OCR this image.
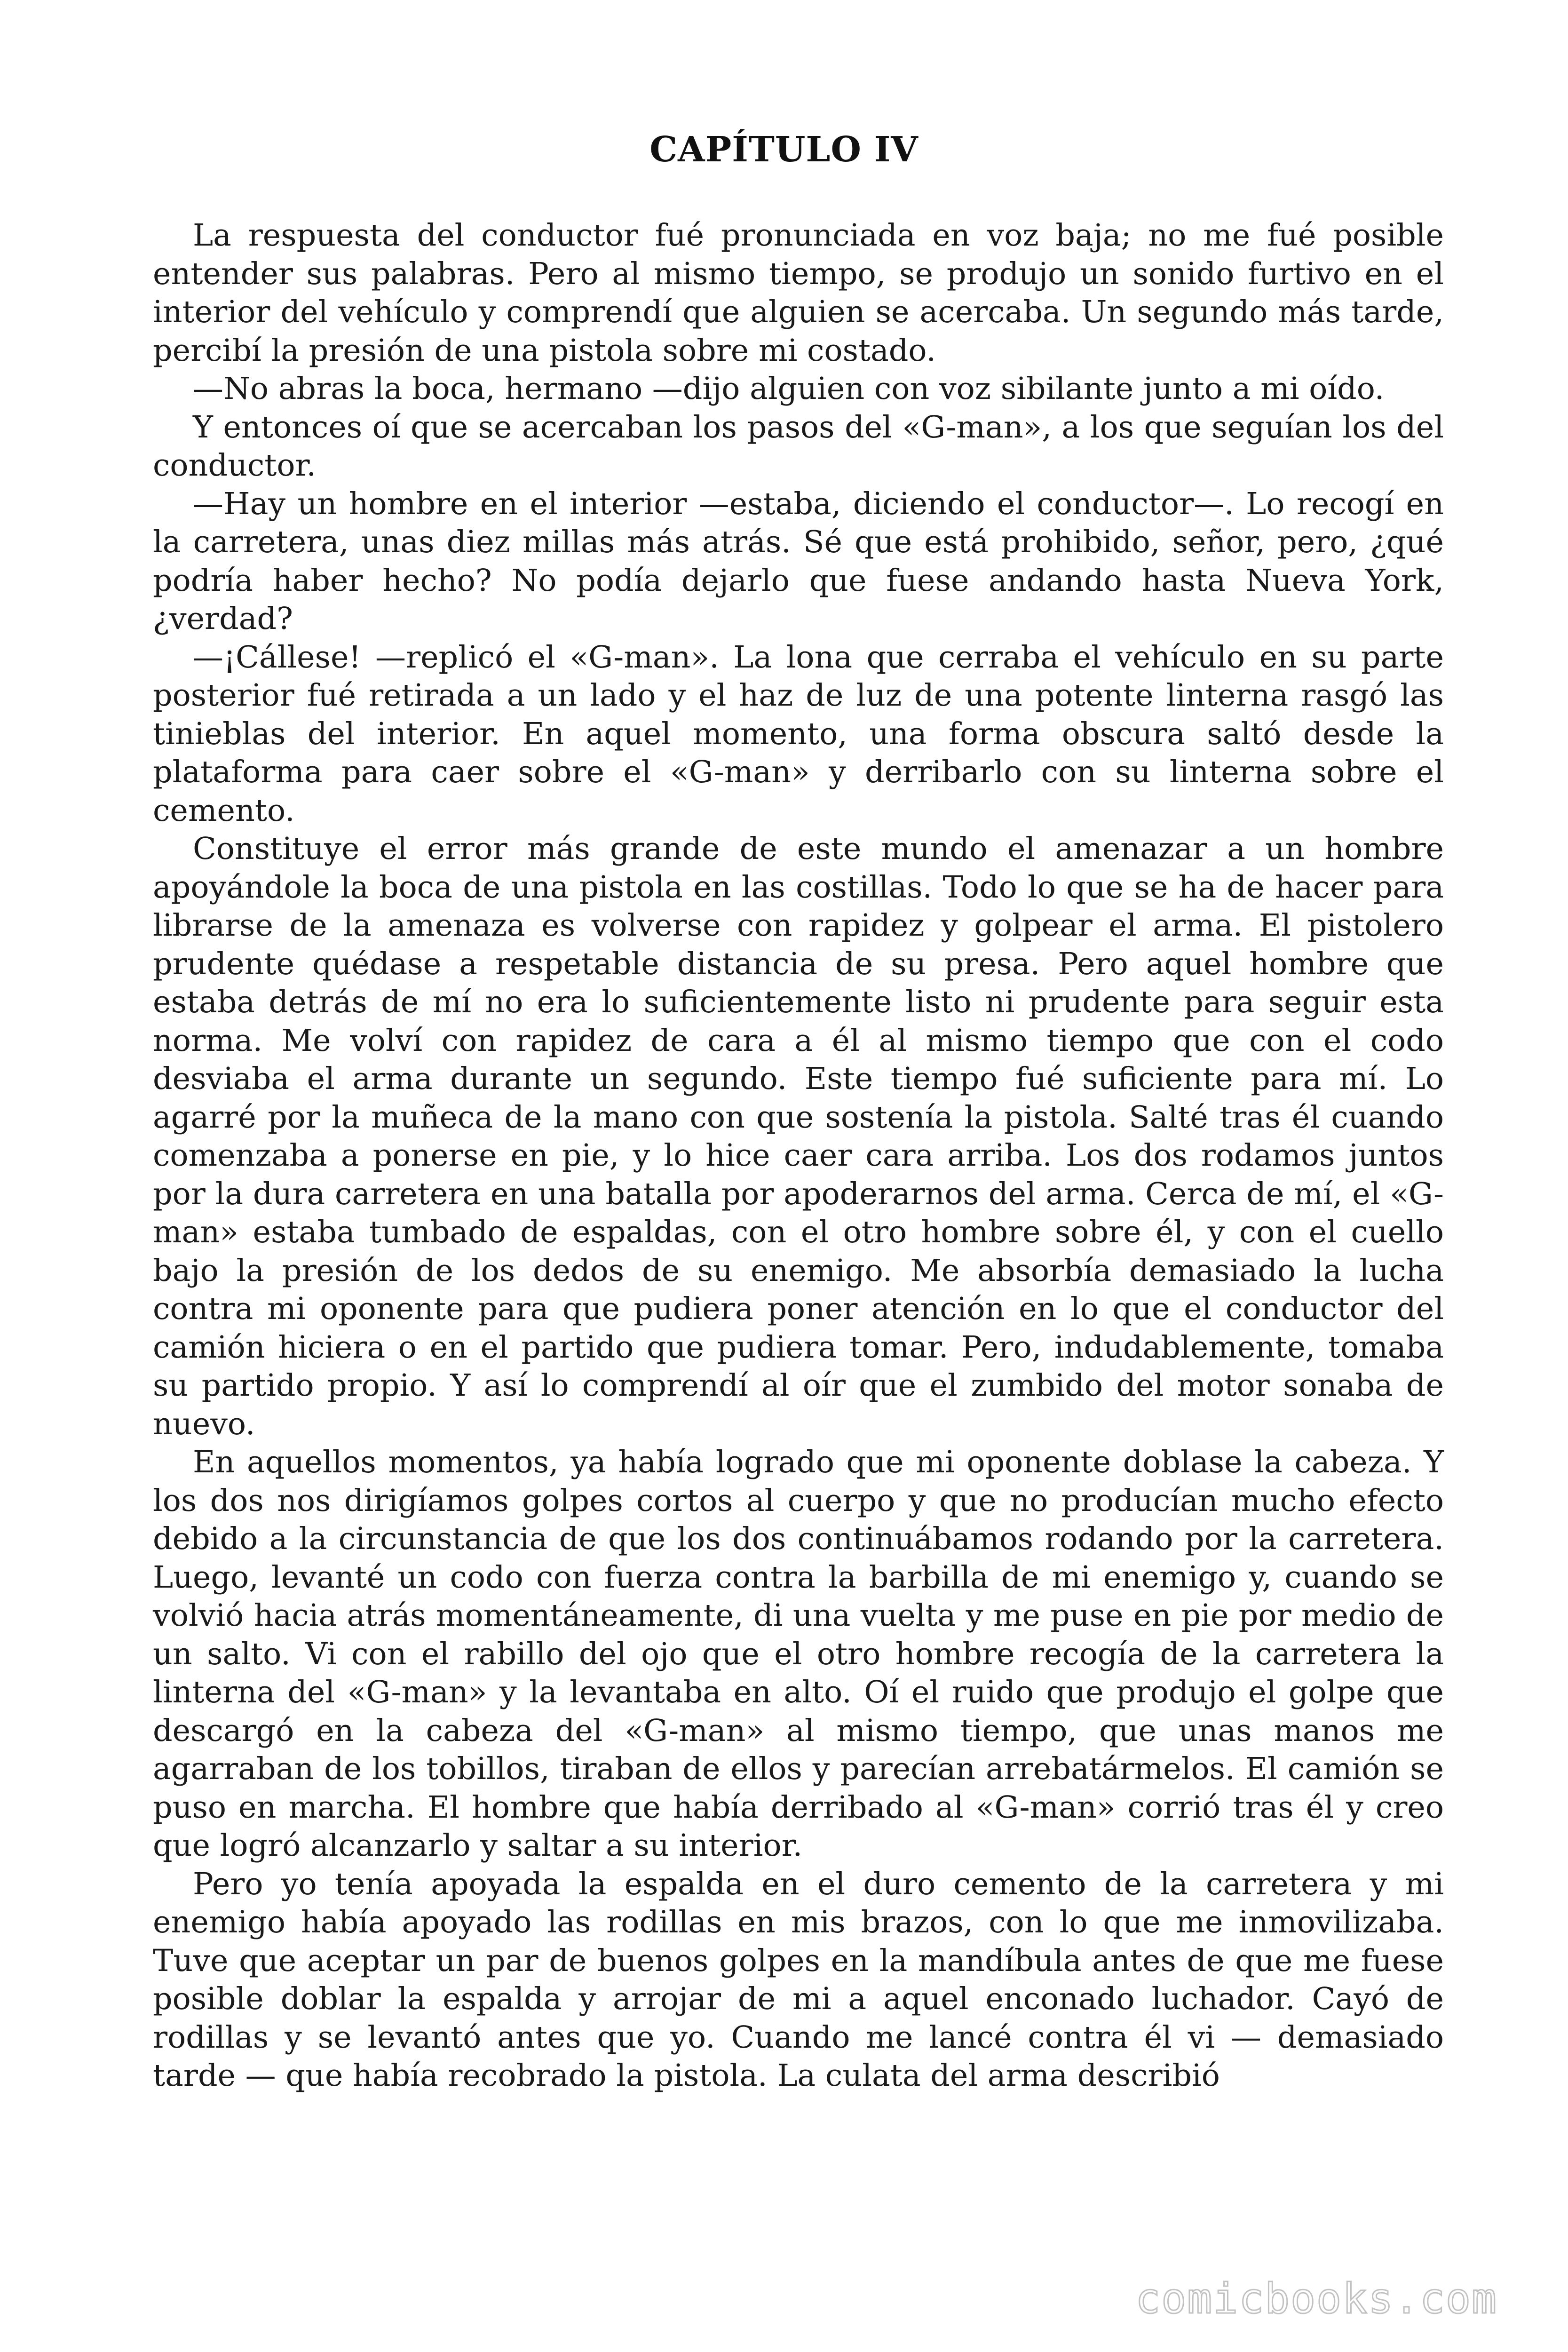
CAPÍTULO IV

La respuesta del conductor fué pronunciada en voz baja; no me fué posible entender sus palabras. Pero al mismo tiempo, se produjo un sonido furtivo en el interior del vehículo y comprendí que alguien se acercaba. Un segundo más tarde, percibí la presión de una pistola sobre mi costado.

—No abras la boca, hermano —dijo alguien con voz sibilante junto a mi oído.

Y entonces oí que se acercaban los pasos del «G-man», a los que seguían los del conductor.

—Hay un hombre en el interior —estaba, diciendo el conductor—. Lo recogí en la carretera, unas diez millas más atrás. Sé que está prohibido, señor, pero, ¿qué podría haber hecho? No podía dejarlo que fuese andando hasta Nueva York, ¿verdad?

—¡Cállese! —replicó el «G-man». La lona que cerraba el vehículo en su parte posterior fué retirada a un lado y el haz de luz de una potente linterna rasgó las tinieblas del interior. En aquel momento, una forma obscura saltó desde la plataforma para caer sobre el «G-man» y derribarlo con su linterna sobre el cemento.

Constituye el error más grande de este mundo el amenazar a un hombre apoyándole la boca de una pistola en las costillas. Todo lo que se ha de hacer para librarse de la amenaza es volverse con rapidez y golpear el arma. El pistolero prudente quédase a respetable distancia de su presa. Pero aquel hombre que estaba detrás de mí no era lo suficientemente listo ni prudente para seguir esta norma. Me volví con rapidez de cara a él al mismo tiempo que con el codo desviaba el arma durante un segundo. Este tiempo fué suficiente para mí. Lo agarré por la muñeca de la mano con que sostenía la pistola. Salté tras él cuando comenzaba a ponerse en pie, y lo hice caer cara arriba. Los dos rodamos juntos por la dura carretera en una batalla por apoderarnos del arma. Cerca de mí, el «G-man» estaba tumbado de espaldas, con el otro hombre sobre él, y con el cuello bajo la presión de los dedos de su enemigo. Me absorbía demasiado la lucha contra mi oponente para que pudiera poner atención en lo que el conductor del camión hiciera o en el partido que pudiera tomar. Pero, indudablemente, tomaba su partido propio. Y así lo comprendí al oír que el zumbido del motor sonaba de nuevo.

En aquellos momentos, ya había logrado que mi oponente doblase la cabeza. Y los dos nos dirigíamos golpes cortos al cuerpo y que no producían mucho efecto debido a la circunstancia de que los dos continuábamos rodando por la carretera. Luego, levanté un codo con fuerza contra la barbilla de mi enemigo y, cuando se volvió hacia atrás momentáneamente, di una vuelta y me puse en pie por medio de un salto. Vi con el rabillo del ojo que el otro hombre recogía de la carretera la linterna del «G-man» y la levantaba en alto. Oí el ruido que produjo el golpe que descargó en la cabeza del «G-man» al mismo tiempo, que unas manos me agarraban de los tobillos, tiraban de ellos y parecían arrebatármelos. El camión se puso en marcha. El hombre que había derribado al «G-man» corrió tras él y creo que logró alcanzarlo y saltar a su interior.

Pero yo tenía apoyada la espalda en el duro cemento de la carretera y mi enemigo había apoyado las rodillas en mis brazos, con lo que me inmovilizaba. Tuve que aceptar un par de buenos golpes en la mandíbula antes de que me fuese posible doblar la espalda y arrojar de mi a aquel enconado luchador. Cayó de rodillas y se levantó antes que yo. Cuando me lancé contra él vi — demasiado tarde — que había recobrado la pistola. La culata del arma describió

comicbooks.com
